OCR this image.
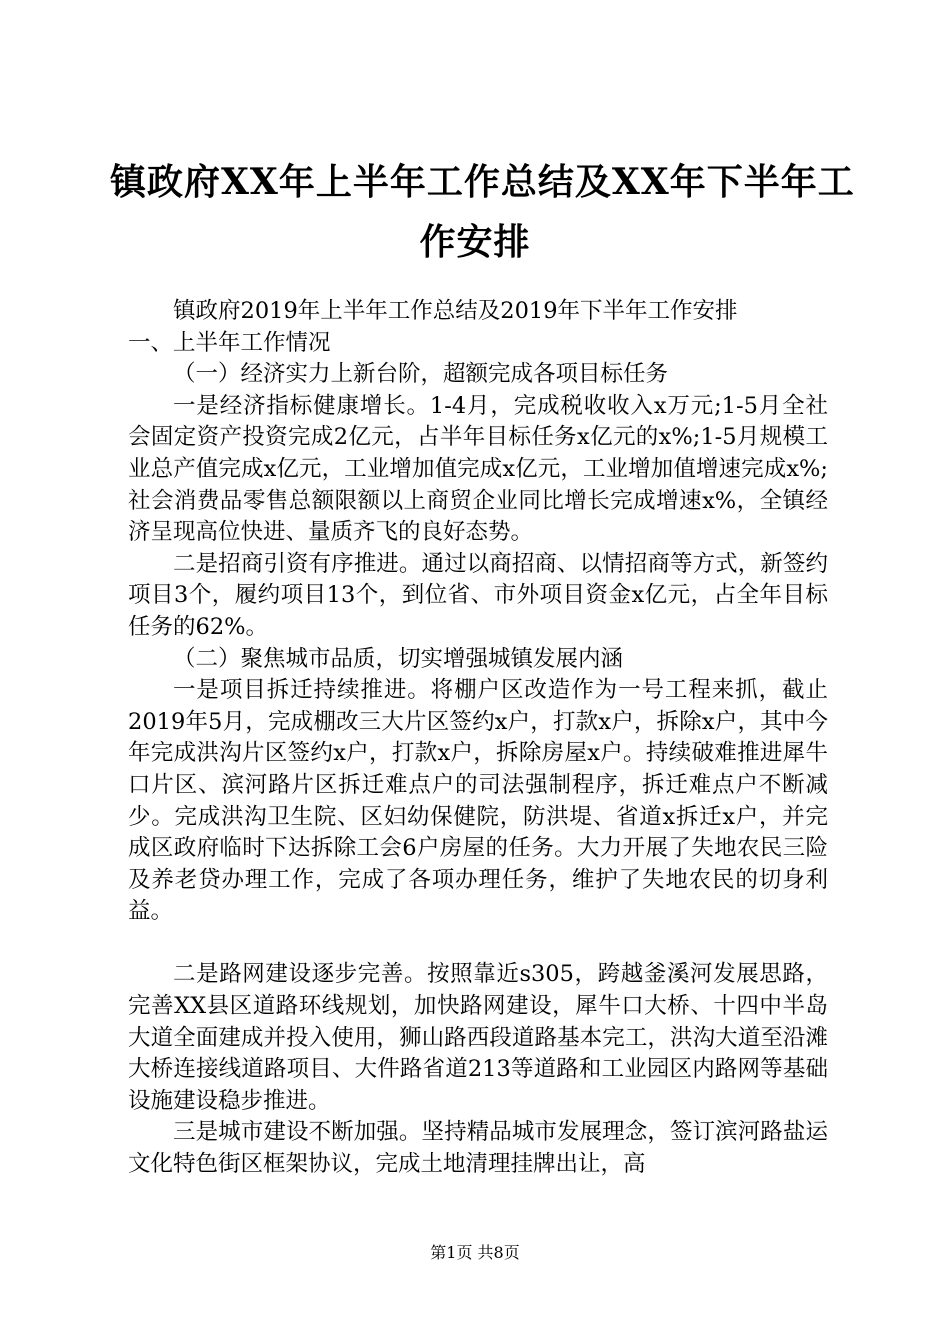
镇政府XX年上半年工作总结及XX年下半年工
作安排

镇政府2019年上半年工作总结及2019年下半年工作安排

一、上半年工作情况

（一）经济实力上新台阶，超额完成各项目标任务

一是经济指标健康增长。1-4月，完成税收收入x万元;1-5月全社会固定资产投资完成2亿元，占半年目标任务x亿元的x%;1-5月规模工业总产值完成x亿元，工业增加值完成x亿元，工业增加值增速完成x%;社会消费品零售总额限额以上商贸企业同比增长完成增速x%，全镇经济呈现高位快进、量质齐飞的良好态势。

二是招商引资有序推进。通过以商招商、以情招商等方式，新签约项目3个，履约项目13个，到位省、市外项目资金x亿元，占全年目标任务的62%。

（二）聚焦城市品质，切实增强城镇发展内涵

一是项目拆迁持续推进。将棚户区改造作为一号工程来抓，截止2019年5月，完成棚改三大片区签约x户，打款x户，拆除x户，其中今年完成洪沟片区签约x户，打款x户，拆除房屋x户。持续破难推进犀牛口片区、滨河路片区拆迁难点户的司法强制程序，拆迁难点户不断减少。完成洪沟卫生院、区妇幼保健院，防洪堤、省道x拆迁x户，并完成区政府临时下达拆除工会6户房屋的任务。大力开展了失地农民三险及养老贷办理工作，完成了各项办理任务，维护了失地农民的切身利益。

二是路网建设逐步完善。按照靠近s305，跨越釜溪河发展思路，完善XX县区道路环线规划，加快路网建设，犀牛口大桥、十四中半岛大道全面建成并投入使用，狮山路西段道路基本完工，洪沟大道至沿滩大桥连接线道路项目、大件路省道213等道路和工业园区内路网等基础设施建设稳步推进。

三是城市建设不断加强。坚持精品城市发展理念，签订滨河路盐运文化特色街区框架协议，完成土地清理挂牌出让，高

第1页 共8页
